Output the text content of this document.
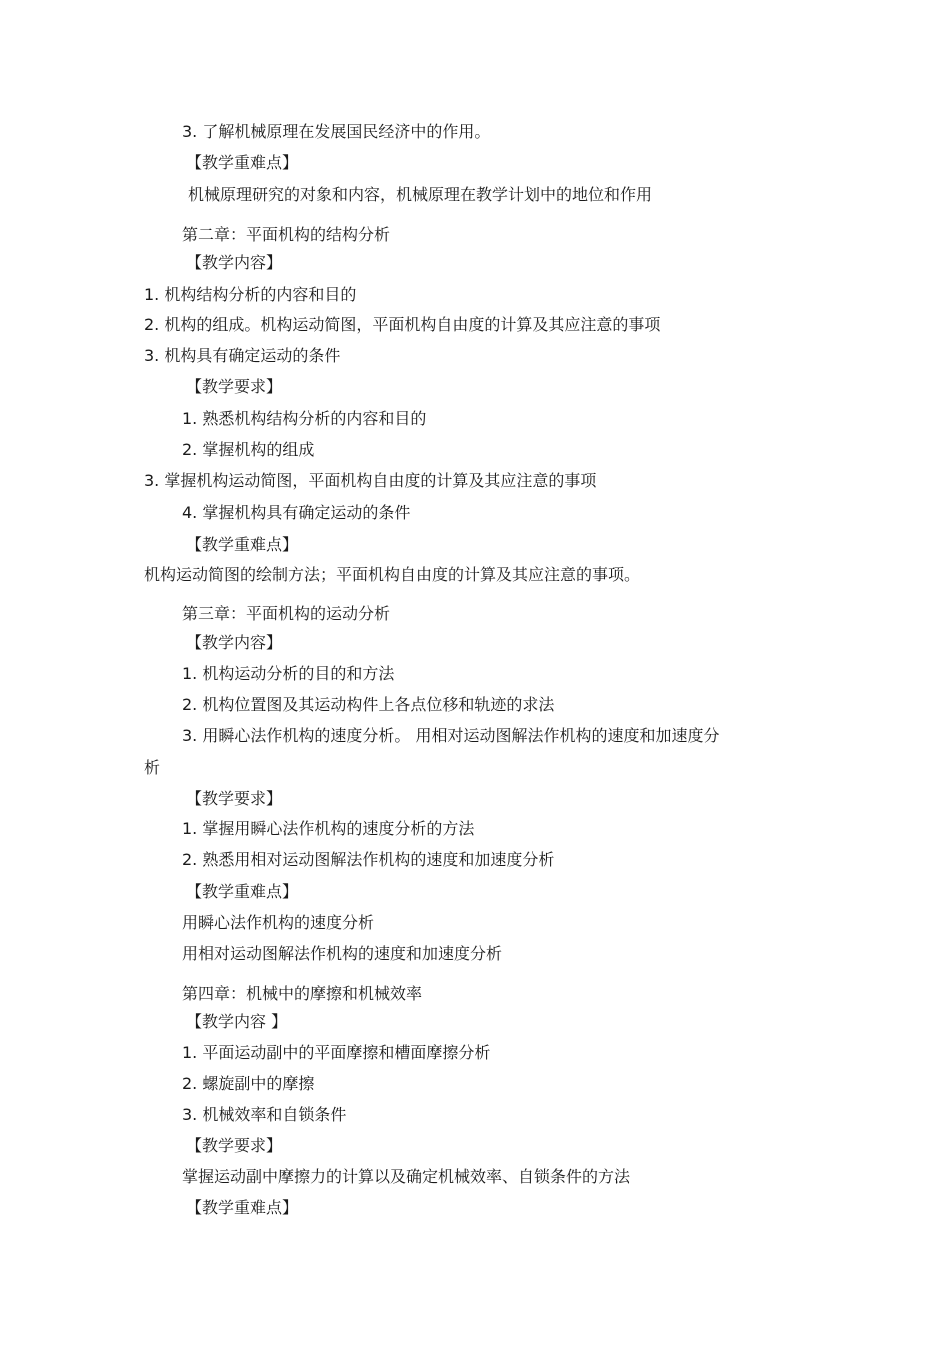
3. 了解机械原理在发展国民经济中的作用。
【教学重难点】
机械原理研究的对象和内容，机械原理在教学计划中的地位和作用
第二章：平面机构的结构分析
【教学内容】
1. 机构结构分析的内容和目的
2. 机构的组成。机构运动简图，平面机构自由度的计算及其应注意的事项
3. 机构具有确定运动的条件
【教学要求】
1. 熟悉机构结构分析的内容和目的
2. 掌握机构的组成
3. 掌握机构运动简图，平面机构自由度的计算及其应注意的事项
4. 掌握机构具有确定运动的条件
【教学重难点】
机构运动简图的绘制方法；平面机构自由度的计算及其应注意的事项。
第三章：平面机构的运动分析
【教学内容】
1. 机构运动分析的目的和方法
2. 机构位置图及其运动构件上各点位移和轨迹的求法
3. 用瞬心法作机构的速度分析。 用相对运动图解法作机构的速度和加速度分
析
【教学要求】
1. 掌握用瞬心法作机构的速度分析的方法
2. 熟悉用相对运动图解法作机构的速度和加速度分析
【教学重难点】
用瞬心法作机构的速度分析
用相对运动图解法作机构的速度和加速度分析
第四章：机械中的摩擦和机械效率
【教学内容 】
1. 平面运动副中的平面摩擦和槽面摩擦分析
2. 螺旋副中的摩擦
3. 机械效率和自锁条件
【教学要求】
掌握运动副中摩擦力的计算以及确定机械效率、自锁条件的方法
【教学重难点】
